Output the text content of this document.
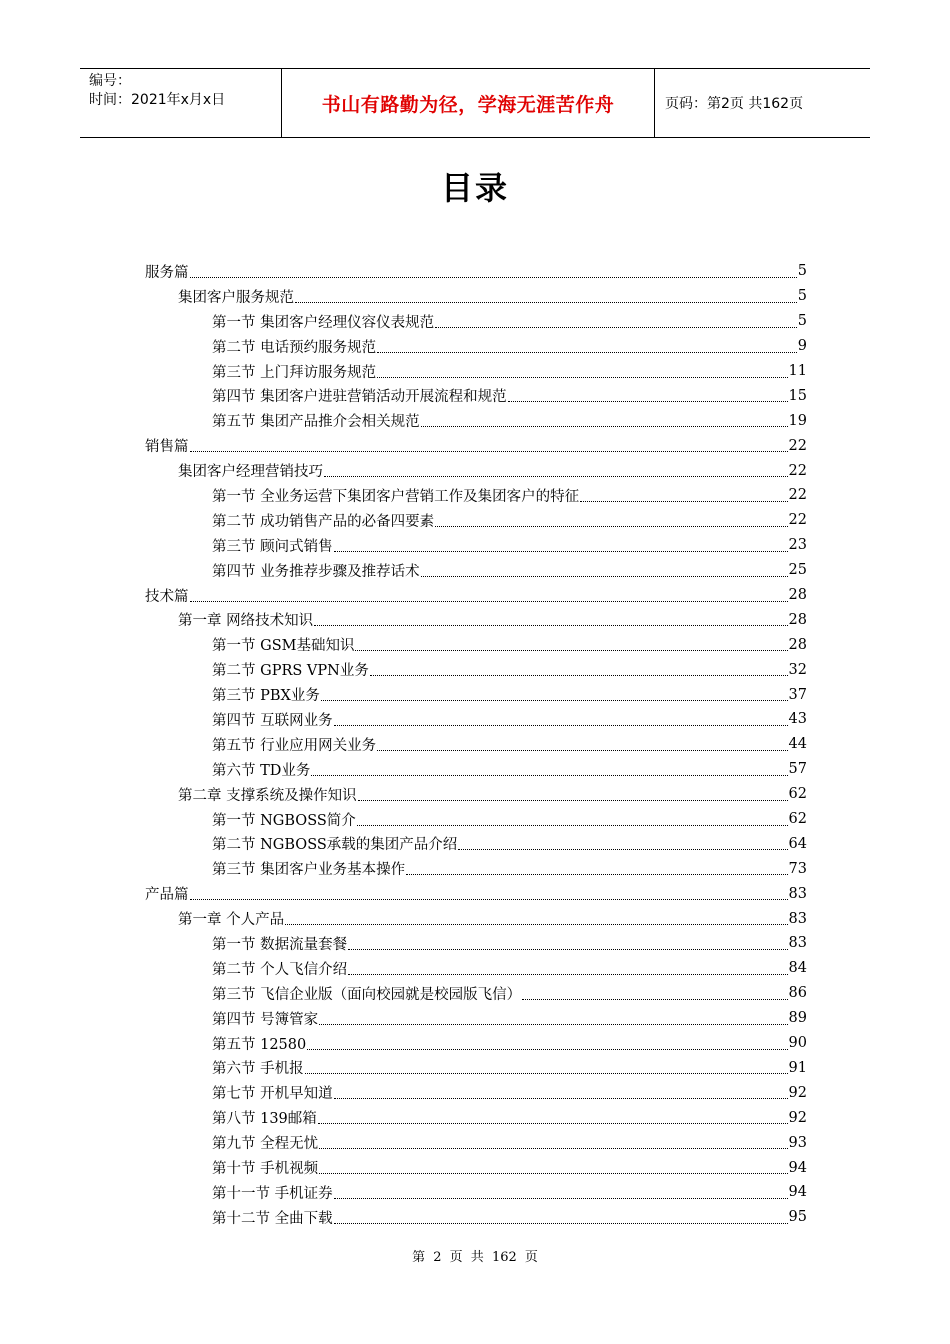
编号：
时间：2021年x月x日	书山有路勤为径，学海无涯苦作舟	页码：第2页 共162页
目录
服务篇	5
集团客户服务规范	5
第一节 集团客户经理仪容仪表规范	5
第二节 电话预约服务规范	9
第三节 上门拜访服务规范	11
第四节 集团客户进驻营销活动开展流程和规范	15
第五节 集团产品推介会相关规范	19
销售篇	22
集团客户经理营销技巧	22
第一节 全业务运营下集团客户营销工作及集团客户的特征	22
第二节 成功销售产品的必备四要素	22
第三节 顾问式销售	23
第四节 业务推荐步骤及推荐话术	25
技术篇	28
第一章 网络技术知识	28
第一节 GSM基础知识	28
第二节 GPRS VPN业务	32
第三节 PBX业务	37
第四节 互联网业务	43
第五节 行业应用网关业务	44
第六节 TD业务	57
第二章 支撑系统及操作知识	62
第一节 NGBOSS简介	62
第二节 NGBOSS承载的集团产品介绍	64
第三节 集团客户业务基本操作	73
产品篇	83
第一章 个人产品	83
第一节 数据流量套餐	83
第二节 个人飞信介绍	84
第三节 飞信企业版（面向校园就是校园版飞信）	86
第四节 号簿管家	89
第五节 12580	90
第六节 手机报	91
第七节 开机早知道	92
第八节 139邮箱	92
第九节 全程无忧	93
第十节 手机视频	94
第十一节 手机证券	94
第十二节 全曲下载	95
第 2 页 共 162 页
